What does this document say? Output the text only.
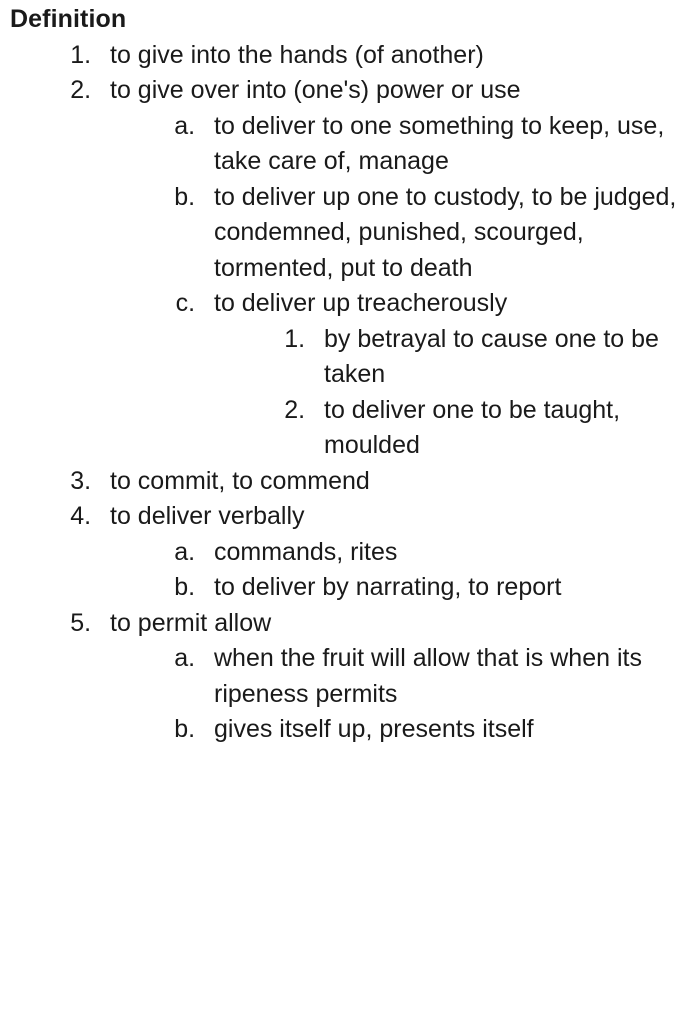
Definition
1. to give into the hands (of another)
2. to give over into (one's) power or use
a. to deliver to one something to keep, use, take care of, manage
b. to deliver up one to custody, to be judged, condemned, punished, scourged, tormented, put to death
c. to deliver up treacherously
1. by betrayal to cause one to be taken
2. to deliver one to be taught, moulded
3. to commit, to commend
4. to deliver verbally
a. commands, rites
b. to deliver by narrating, to report
5. to permit allow
a. when the fruit will allow that is when its ripeness permits
b. gives itself up, presents itself
